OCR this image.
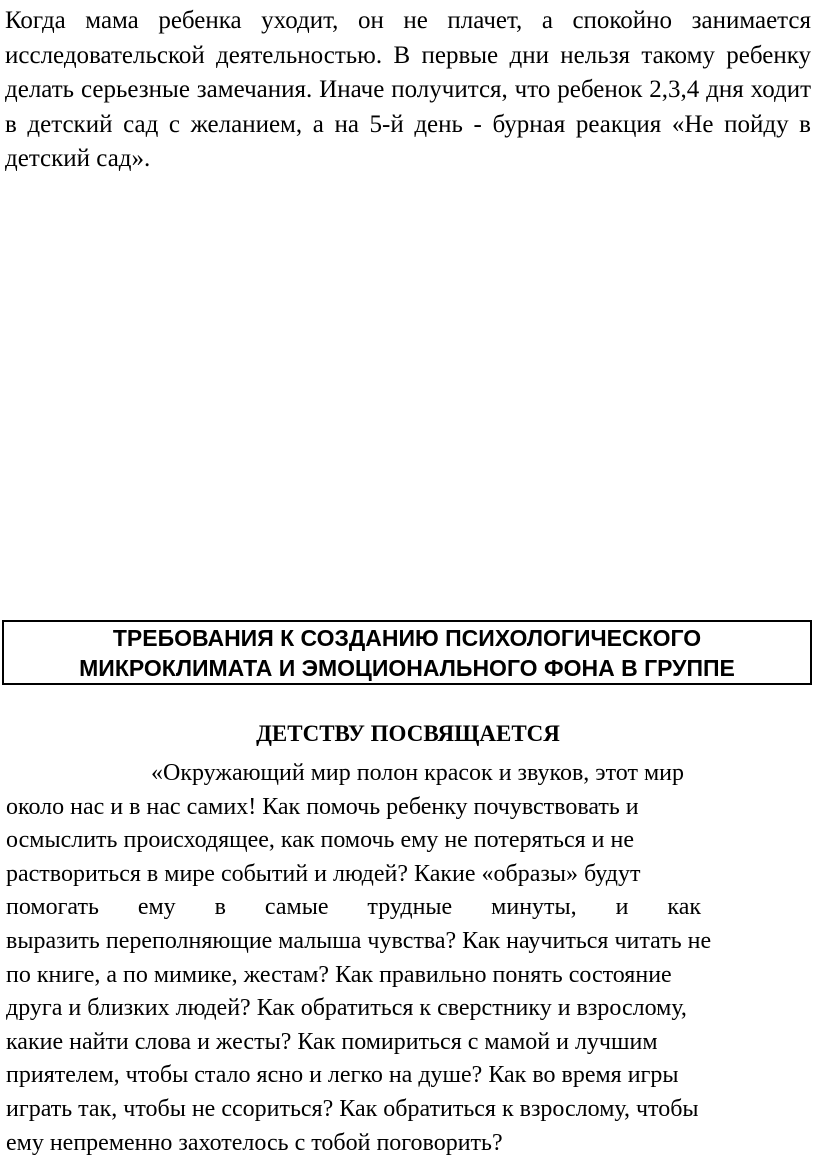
Когда мама ребенка уходит, он не плачет, а спокойно занимается исследовательской деятельностью. В первые дни нельзя такому ребенку делать серьезные замечания. Иначе получится, что ребенок 2,3,4 дня ходит в детский сад с желанием, а на 5-й день - бурная реакция «Не пойду в детский сад».

ТРЕБОВАНИЯ К СОЗДАНИЮ ПСИХОЛОГИЧЕСКОГО
МИКРОКЛИМАТА И ЭМОЦИОНАЛЬНОГО ФОНА В ГРУППЕ

ДЕТСТВУ ПОСВЯЩАЕТСЯ

«Окружающий мир полон красок и звуков, этот мир
около нас и в нас самих! Как помочь ребенку почувствовать и
осмыслить происходящее, как помочь ему не потеряться и не
раствориться в мире событий и людей? Какие «образы» будут
помогать ему в самые трудные минуты, и как
выразить переполняющие малыша чувства? Как научиться читать не
по книге, а по мимике, жестам? Как правильно понять состояние
друга и близких людей? Как обратиться к сверстнику и взрослому,
какие найти слова и жесты? Как помириться с мамой и лучшим
приятелем, чтобы стало ясно и легко на душе? Как во время игры
играть так, чтобы не ссориться? Как обратиться к взрослому, чтобы
ему непременно захотелось с тобой поговорить?
